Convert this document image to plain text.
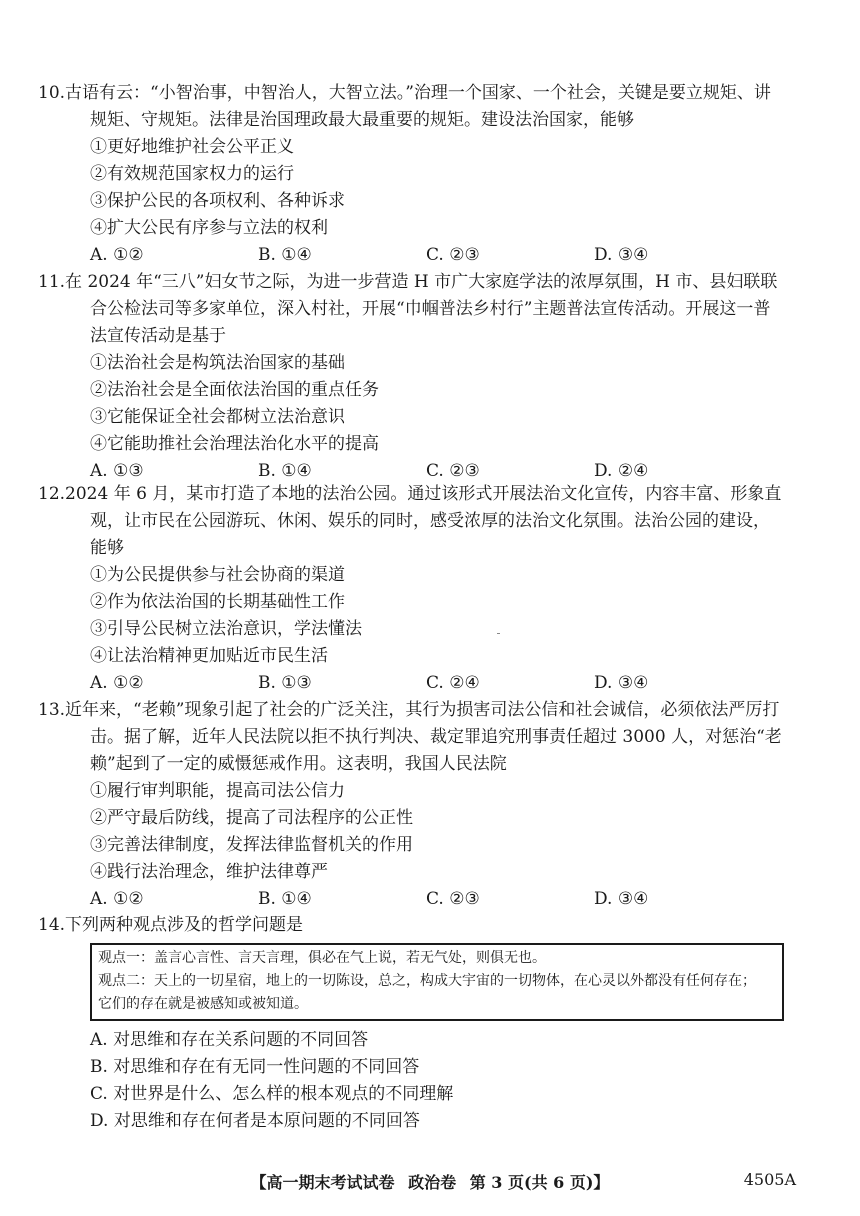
10.古语有云：“小智治事，中智治人，大智立法。”治理一个国家、一个社会，关键是要立规矩、讲规矩、守规矩。法律是治国理政最大最重要的规矩。建设法治国家，能够

①更好地维护社会公平正义

②有效规范国家权力的运行

③保护公民的各项权利、各种诉求

④扩大公民有序参与立法的权利

A. ①②	B. ①④	C. ②③	D. ③④

11.在 2024 年“三八”妇女节之际，为进一步营造 H 市广大家庭学法的浓厚氛围，H 市、县妇联联合公检法司等多家单位，深入村社，开展“巾帼普法乡村行”主题普法宣传活动。开展这一普法宣传活动是基于

①法治社会是构筑法治国家的基础

②法治社会是全面依法治国的重点任务

③它能保证全社会都树立法治意识

④它能助推社会治理法治化水平的提高

A. ①③	B. ①④	C. ②③	D. ②④

12.2024 年 6 月，某市打造了本地的法治公园。通过该形式开展法治文化宣传，内容丰富、形象直观，让市民在公园游玩、休闲、娱乐的同时，感受浓厚的法治文化氛围。法治公园的建设，能够

①为公民提供参与社会协商的渠道

②作为依法治国的长期基础性工作

③引导公民树立法治意识，学法懂法

④让法治精神更加贴近市民生活

A. ①②	B. ①③	C. ②④	D. ③④

13.近年来，“老赖”现象引起了社会的广泛关注，其行为损害司法公信和社会诚信，必须依法严厉打击。据了解，近年人民法院以拒不执行判决、裁定罪追究刑事责任超过 3000 人，对惩治“老赖”起到了一定的威慑惩戒作用。这表明，我国人民法院

①履行审判职能，提高司法公信力

②严守最后防线，提高了司法程序的公正性

③完善法律制度，发挥法律监督机关的作用

④践行法治理念，维护法律尊严

A. ①②	B. ①④	C. ②③	D. ③④

14.下列两种观点涉及的哲学问题是

观点一：盖言心言性、言天言理，俱必在气上说，若无气处，则俱无也。

观点二：天上的一切星宿，地上的一切陈设，总之，构成大宇宙的一切物体，在心灵以外都没有任何存在；

它们的存在就是被感知或被知道。

A. 对思维和存在关系问题的不同回答

B. 对思维和存在有无同一性问题的不同回答

C. 对世界是什么、怎么样的根本观点的不同理解

D. 对思维和存在何者是本原问题的不同回答

【高一期末考试试卷 政治卷 第 3 页(共 6 页)】	4505A
